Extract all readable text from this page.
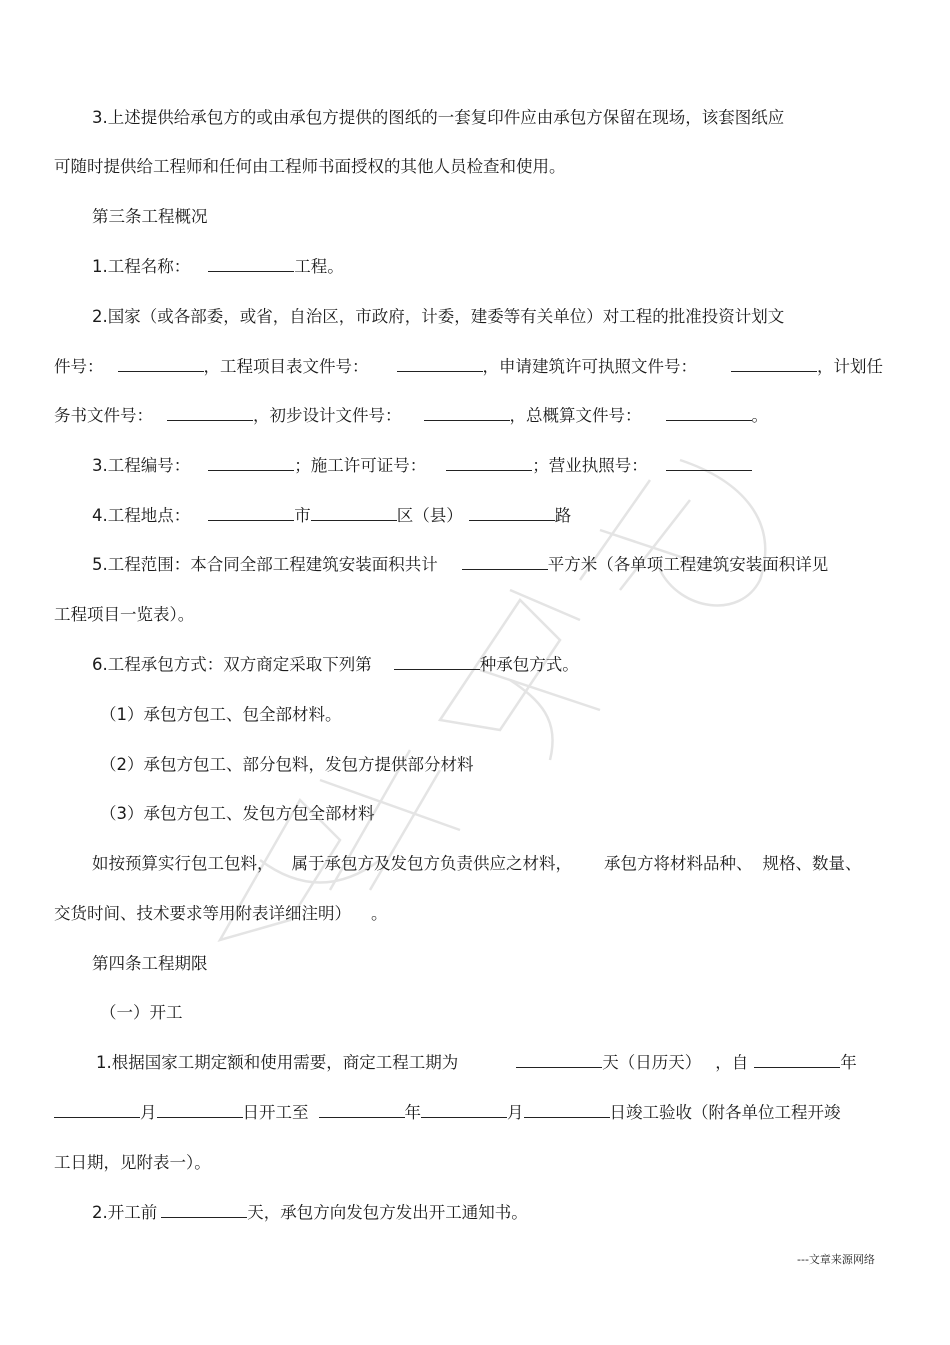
3.上述提供给承包方的或由承包方提供的图纸的一套复印件应由承包方保留在现场，该套图纸应
可随时提供给工程师和任何由工程师书面授权的其他人员检查和使用。
第三条工程概况
1.工程名称：	工程。
2.国家（或各部委，或省，自治区，市政府，计委，建委等有关单位）对工程的批准投资计划文
件号：	，工程项目表文件号：	，申请建筑许可执照文件号：	，计划任
务书文件号：	，初步设计文件号：	，总概算文件号：	。
3.工程编号：	；施工许可证号：	；营业执照号：
4.工程地点：	市	区（县）	路
5.工程范围：本合同全部工程建筑安装面积共计	平方米（各单项工程建筑安装面积详见
工程项目一览表）。
6.工程承包方式：双方商定采取下列第	种承包方式。
（1）承包方包工、包全部材料。
（2）承包方包工、部分包料，发包方提供部分材料
（3）承包方包工、发包方包全部材料
如按预算实行包工包料， 属于承包方及发包方负责供应之材料， 承包方将材料品种、 规格、数量、
交货时间、技术要求等用附表详细注明） 。
第四条工程期限
（一）开工
1.根据国家工期定额和使用需要，商定工程工期为	天（日历天） ，自	年
月	日开工至	年	月	日竣工验收（附各单位工程开竣
工日期，见附表一）。
2.开工前	天，承包方向发包方发出开工通知书。
---文章来源网络
